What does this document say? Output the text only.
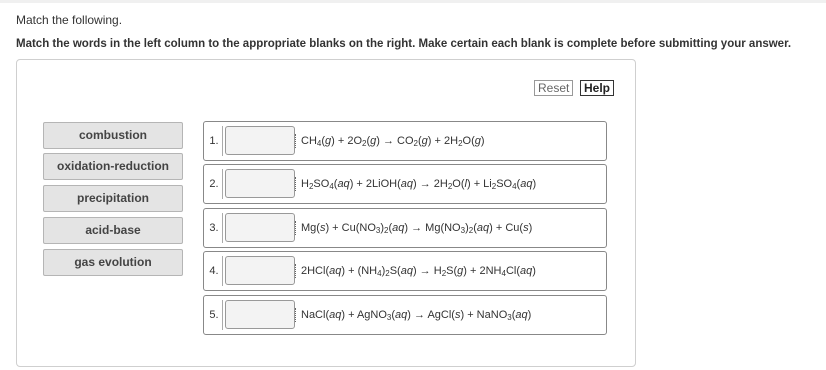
Match the following.
Match the words in the left column to the appropriate blanks on the right. Make certain each blank is complete before submitting your answer.
Reset	Help
combustion
oxidation-reduction
precipitation
acid-base
gas evolution
1.	$CH_4(g) + 2O_2(g) \to CO_2(g) + 2H_2O(g)$
2.	$H_2SO_4(aq)$ + 2LiOH(aq) → $2H_2O(l) + Li_2SO_4(aq)$
3.	$Mg(s) + Cu(NO_3)_2(aq) \to Mg(NO_3)_2(aq) + Cu(s)$
4.	$2HCl(aq) + (NH_4)_2S(aq) \to H_2S(g) + 2NH_4Cl(aq)$
5.	NaCl(aq) + AgNO$_3$(aq) → AgCl(s) + NaNO$_3$(aq)
